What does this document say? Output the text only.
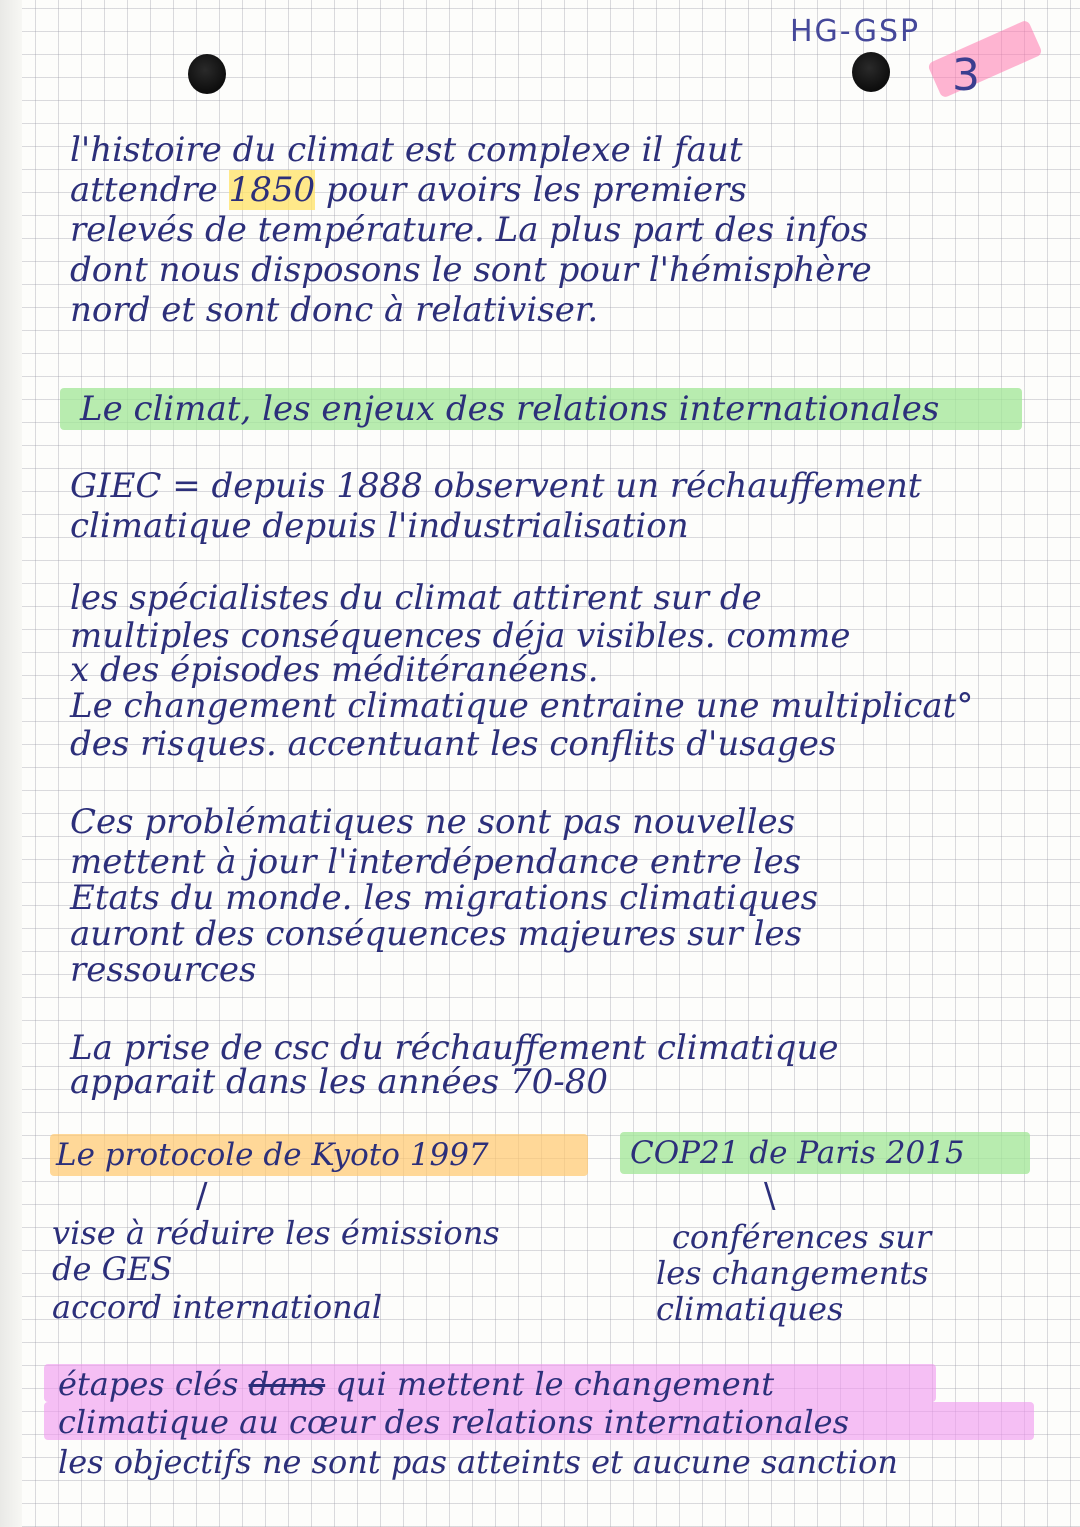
HG-GSP
3
l'histoire du climat est complexe il faut
attendre 1850 pour avoirs les premiers
relevés de température. La plus part des infos
dont nous disposons le sont pour l'hémisphère
nord et sont donc à relativiser.
Le climat, les enjeux des relations internationales
GIEC = depuis 1888 observent un réchauffement
climatique depuis l'industrialisation
les spécialistes du climat attirent sur de
multiples conséquences déja visibles. comme
x des épisodes méditéranéens.
Le changement climatique entraine une multiplicat°
des risques. accentuant les conflits d'usages
Ces problématiques ne sont pas nouvelles
mettent à jour l'interdépendance entre les
Etats du monde. les migrations climatiques
auront des conséquences majeures sur les
ressources
La prise de csc du réchauffement climatique
apparait dans les années 70-80
Le protocole de Kyoto 1997	COP21 de Paris 2015
/	\
vise à réduire les émissions
de GES
accord international
conférences sur
les changements
climatiques
étapes clés dans qui mettent le changement
climatique au cœur des relations internationales
les objectifs ne sont pas atteints et aucune sanction
